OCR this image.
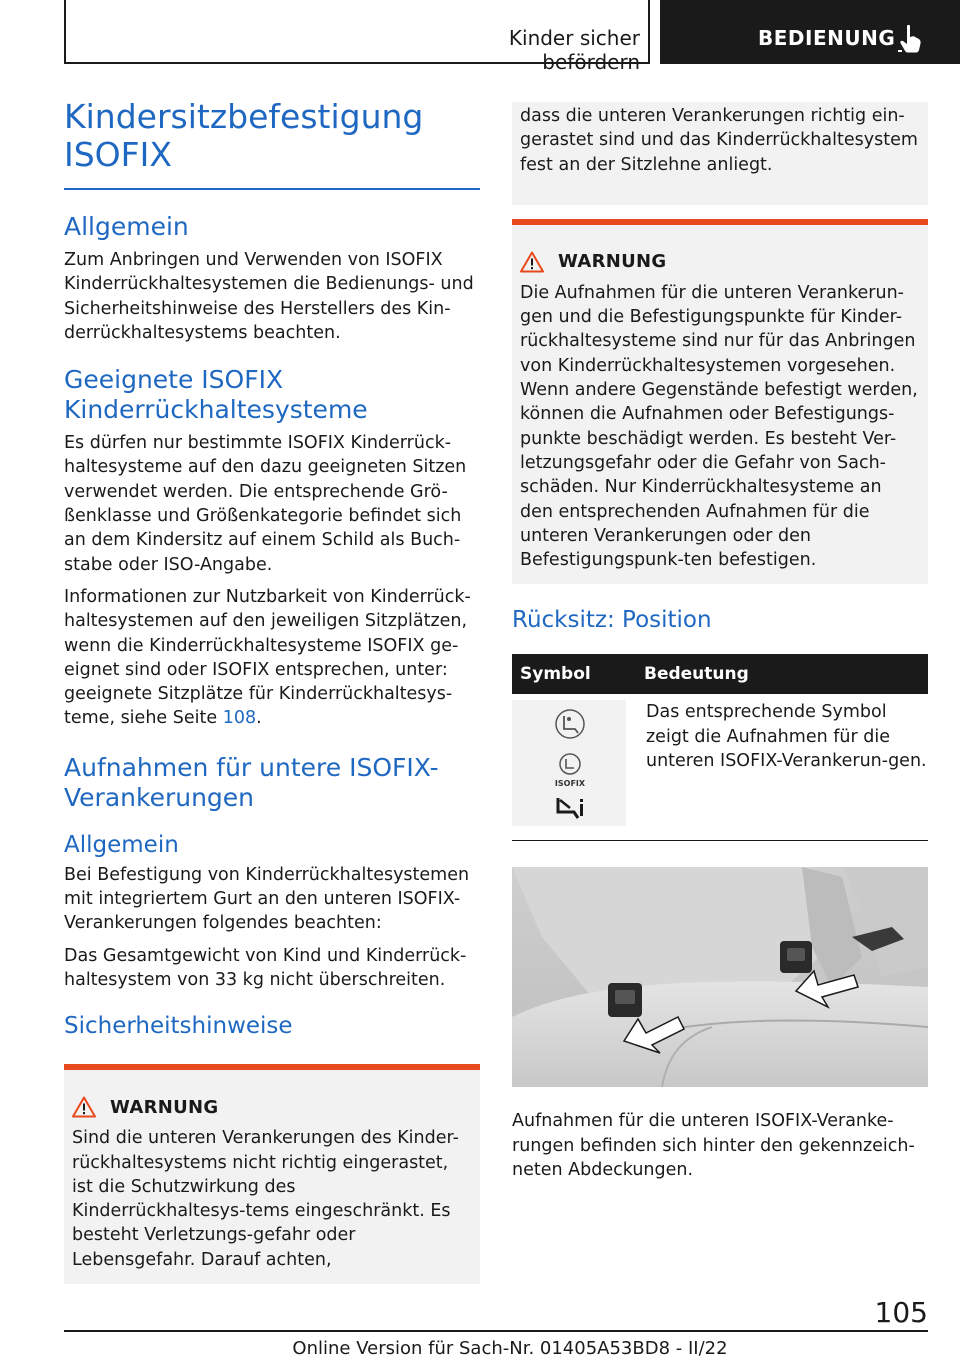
Kinder sicher befördern
BEDIENUNG
Kindersitzbefestigung ISOFIX
Allgemein

Zum Anbringen und Verwenden von ISOFIX Kinderrückhaltesystemen die Bedienungs- und Sicherheitshinweise des Herstellers des Kin-derrückhaltesystems beachten.

Geeignete ISOFIX Kinderrückhaltesysteme

Es dürfen nur bestimmte ISOFIX Kinderrück-haltesysteme auf den dazu geeigneten Sitzen verwendet werden. Die entsprechende Grö-ßenklasse und Größenkategorie befindet sich an dem Kindersitz auf einem Schild als Buch-stabe oder ISO-Angabe.

Informationen zur Nutzbarkeit von Kinderrück-haltesystemen auf den jeweiligen Sitzplätzen, wenn die Kinderrückhaltesysteme ISOFIX ge-eignet sind oder ISOFIX entsprechen, unter: geeignete Sitzplätze für Kinderrückhaltesys-teme, siehe Seite 108.

Aufnahmen für untere ISOFIX-Verankerungen
Allgemein

Bei Befestigung von Kinderrückhaltesystemen mit integriertem Gurt an den unteren ISOFIX-Verankerungen folgendes beachten:

Das Gesamtgewicht von Kind und Kinderrück-haltesystem von 33 kg nicht überschreiten.

Sicherheitshinweise
WARNUNG

Sind die unteren Verankerungen des Kinder-rückhaltesystems nicht richtig eingerastet, ist die Schutzwirkung des Kinderrückhaltesys-tems eingeschränkt. Es besteht Verletzungs-gefahr oder Lebensgefahr. Darauf achten,

dass die unteren Verankerungen richtig ein-gerastet sind und das Kinderrückhaltesystem fest an der Sitzlehne anliegt.

WARNUNG

Die Aufnahmen für die unteren Verankerun-gen und die Befestigungspunkte für Kinder-rückhaltesysteme sind nur für das Anbringen von Kinderrückhaltesystemen vorgesehen. Wenn andere Gegenstände befestigt werden, können die Aufnahmen oder Befestigungs-punkte beschädigt werden. Es besteht Ver-letzungsgefahr oder die Gefahr von Sach-schäden. Nur Kinderrückhaltesysteme an den entsprechenden Aufnahmen für die unteren Verankerungen oder den Befestigungspunk-ten befestigen.

Rücksitz: Position
Symbol	Bedeutung

ISOFIX	Das entsprechende Symbol zeigt die Aufnahmen für die unteren ISOFIX-Verankerun-gen.

Aufnahmen für die unteren ISOFIX-Veranke-rungen befinden sich hinter den gekennzeich-neten Abdeckungen.

105
Online Version für Sach-Nr. 01405A53BD8 - II/22
